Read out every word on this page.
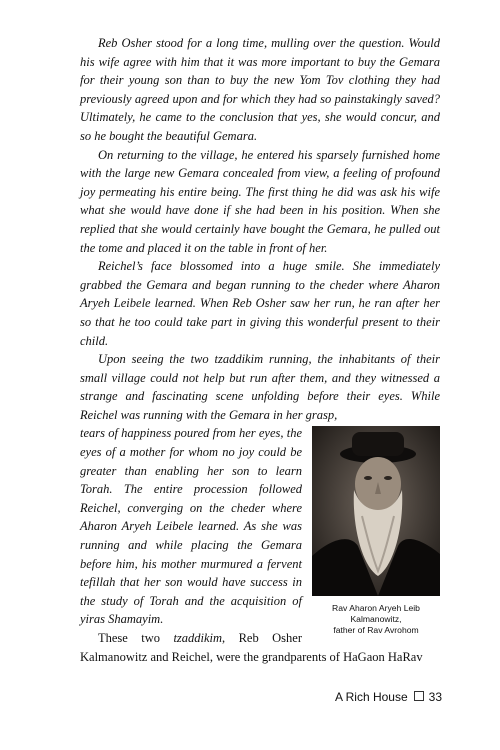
Reb Osher stood for a long time, mulling over the question. Would his wife agree with him that it was more important to buy the Gemara for their young son than to buy the new Yom Tov clothing they had previously agreed upon and for which they had so painstakingly saved? Ultimately, he came to the conclusion that yes, she would concur, and so he bought the beautiful Gemara.

On returning to the village, he entered his sparsely furnished home with the large new Gemara concealed from view, a feeling of profound joy permeating his entire being. The first thing he did was ask his wife what she would have done if she had been in his position. When she replied that she would certainly have bought the Gemara, he pulled out the tome and placed it on the table in front of her.

Reichel’s face blossomed into a huge smile. She immediately grabbed the Gemara and began running to the cheder where Aharon Aryeh Leibele learned. When Reb Osher saw her run, he ran after her so that he too could take part in giving this wonderful present to their child.

Upon seeing the two tzaddikim running, the inhabitants of their small village could not help but run after them, and they witnessed a strange and fascinating scene unfolding before their eyes. While Reichel was running with the Gemara in her grasp,

Rav Aharon Aryeh Leib
Kalmanowitz,
father of Rav Avrohom

tears of happiness poured from her eyes, the eyes of a mother for whom no joy could be greater than enabling her son to learn Torah. The entire procession followed Reichel, converging on the cheder where Aharon Aryeh Leibele learned. As she was running and while placing the Gemara before him, his mother murmured a fervent tefillah that her son would have success in the study of Torah and the acquisition of yiras Shamayim.

These two tzaddikim, Reb Osher Kalmanowitz and Reichel, were the grandparents of HaGaon HaRav

A Rich House 33
